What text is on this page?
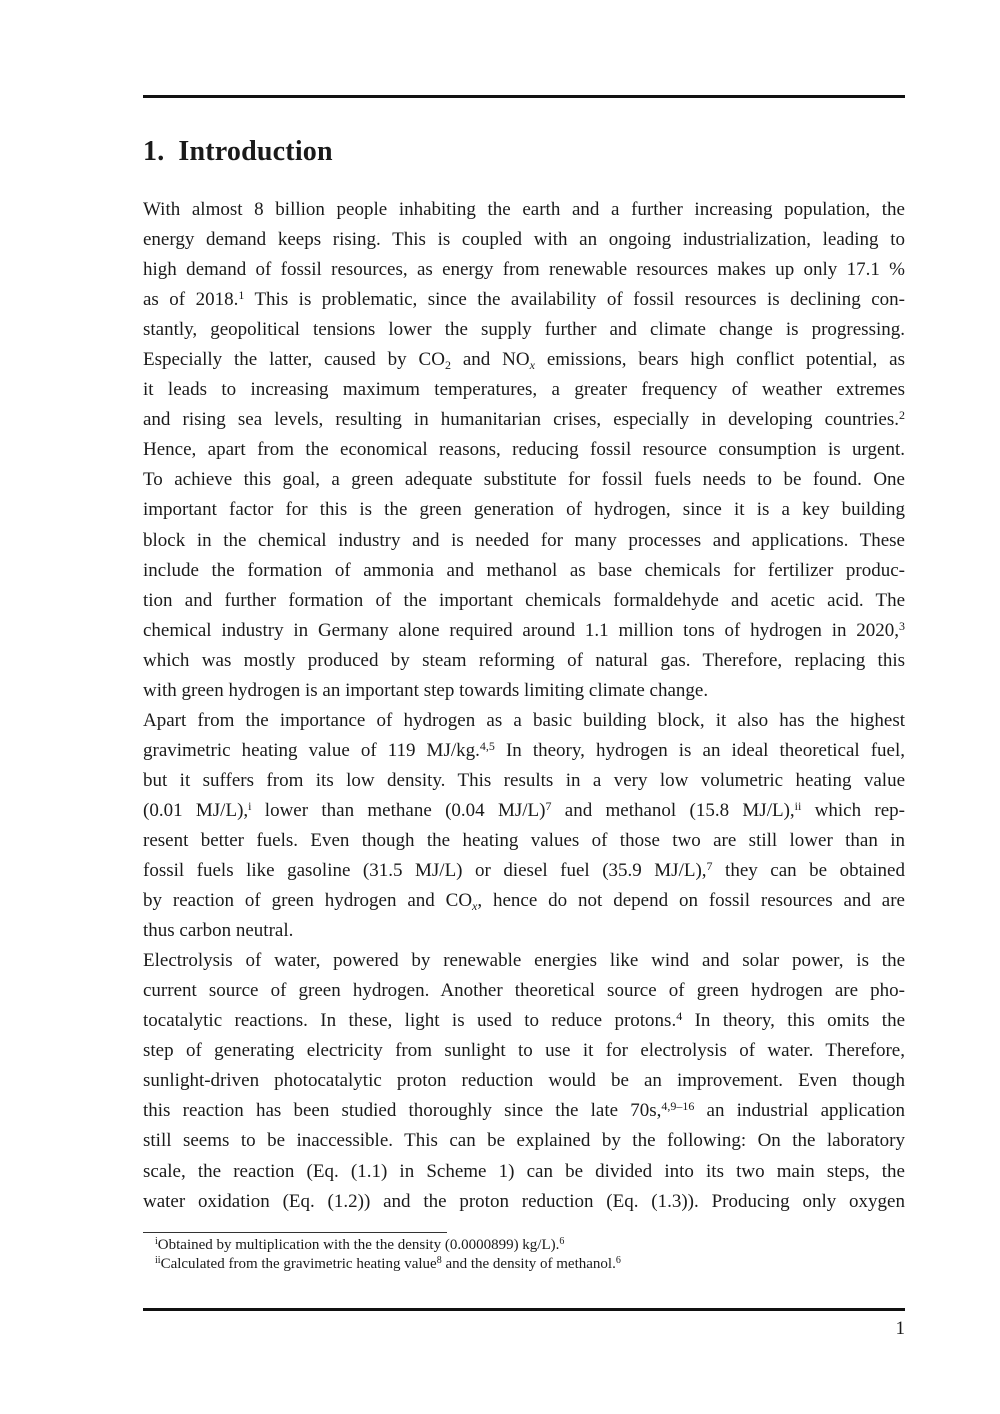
1. Introduction
With almost 8 billion people inhabiting the earth and a further increasing population, the
energy demand keeps rising. This is coupled with an ongoing industrialization, leading to
high demand of fossil resources, as energy from renewable resources makes up only 17.1 %
as of 2018.$^1$ This is problematic, since the availability of fossil resources is declining con-
stantly, geopolitical tensions lower the supply further and climate change is progressing.
Especially the latter, caused by $CO_2$ and $NO_x$ emissions, bears high conflict potential, as
it leads to increasing maximum temperatures, a greater frequency of weather extremes
and rising sea levels, resulting in humanitarian crises, especially in developing countries.$^2$
Hence, apart from the economical reasons, reducing fossil resource consumption is urgent.
To achieve this goal, a green adequate substitute for fossil fuels needs to be found. One
important factor for this is the green generation of hydrogen, since it is a key building
block in the chemical industry and is needed for many processes and applications. These
include the formation of ammonia and methanol as base chemicals for fertilizer produc-
tion and further formation of the important chemicals formaldehyde and acetic acid. The
chemical industry in Germany alone required around 1.1 million tons of hydrogen in 2020,$^3$
which was mostly produced by steam reforming of natural gas. Therefore, replacing this
with green hydrogen is an important step towards limiting climate change.
Apart from the importance of hydrogen as a basic building block, it also has the highest
gravimetric heating value of 119 MJ/kg.$^{4,5}$ In theory, hydrogen is an ideal theoretical fuel,
but it suffers from its low density. This results in a very low volumetric heating value
(0.01 MJ/L),$^i$ lower than methane (0.04 MJ/L)$^7$ and methanol (15.8 MJ/L),$^{ii}$ which rep-
resent better fuels. Even though the heating values of those two are still lower than in
fossil fuels like gasoline (31.5 MJ/L) or diesel fuel (35.9 MJ/L),$^7$ they can be obtained
by reaction of green hydrogen and $CO_x$, hence do not depend on fossil resources and are
thus carbon neutral.
Electrolysis of water, powered by renewable energies like wind and solar power, is the
current source of green hydrogen. Another theoretical source of green hydrogen are pho-
tocatalytic reactions. In these, light is used to reduce protons.$^4$ In theory, this omits the
step of generating electricity from sunlight to use it for electrolysis of water. Therefore,
sunlight-driven photocatalytic proton reduction would be an improvement. Even though
this reaction has been studied thoroughly since the late 70s,$^{4,9-16}$ an industrial application
still seems to be inaccessible. This can be explained by the following: On the laboratory
scale, the reaction (Eq. (1.1) in Scheme 1) can be divided into its two main steps, the
water oxidation (Eq. (1.2)) and the proton reduction (Eq. (1.3)). Producing only oxygen
$^i$Obtained by multiplication with the the density (0.0000899) kg/L).$^6$
$^{ii}$Calculated from the gravimetric heating value$^8$ and the density of methanol.$^6$
1
